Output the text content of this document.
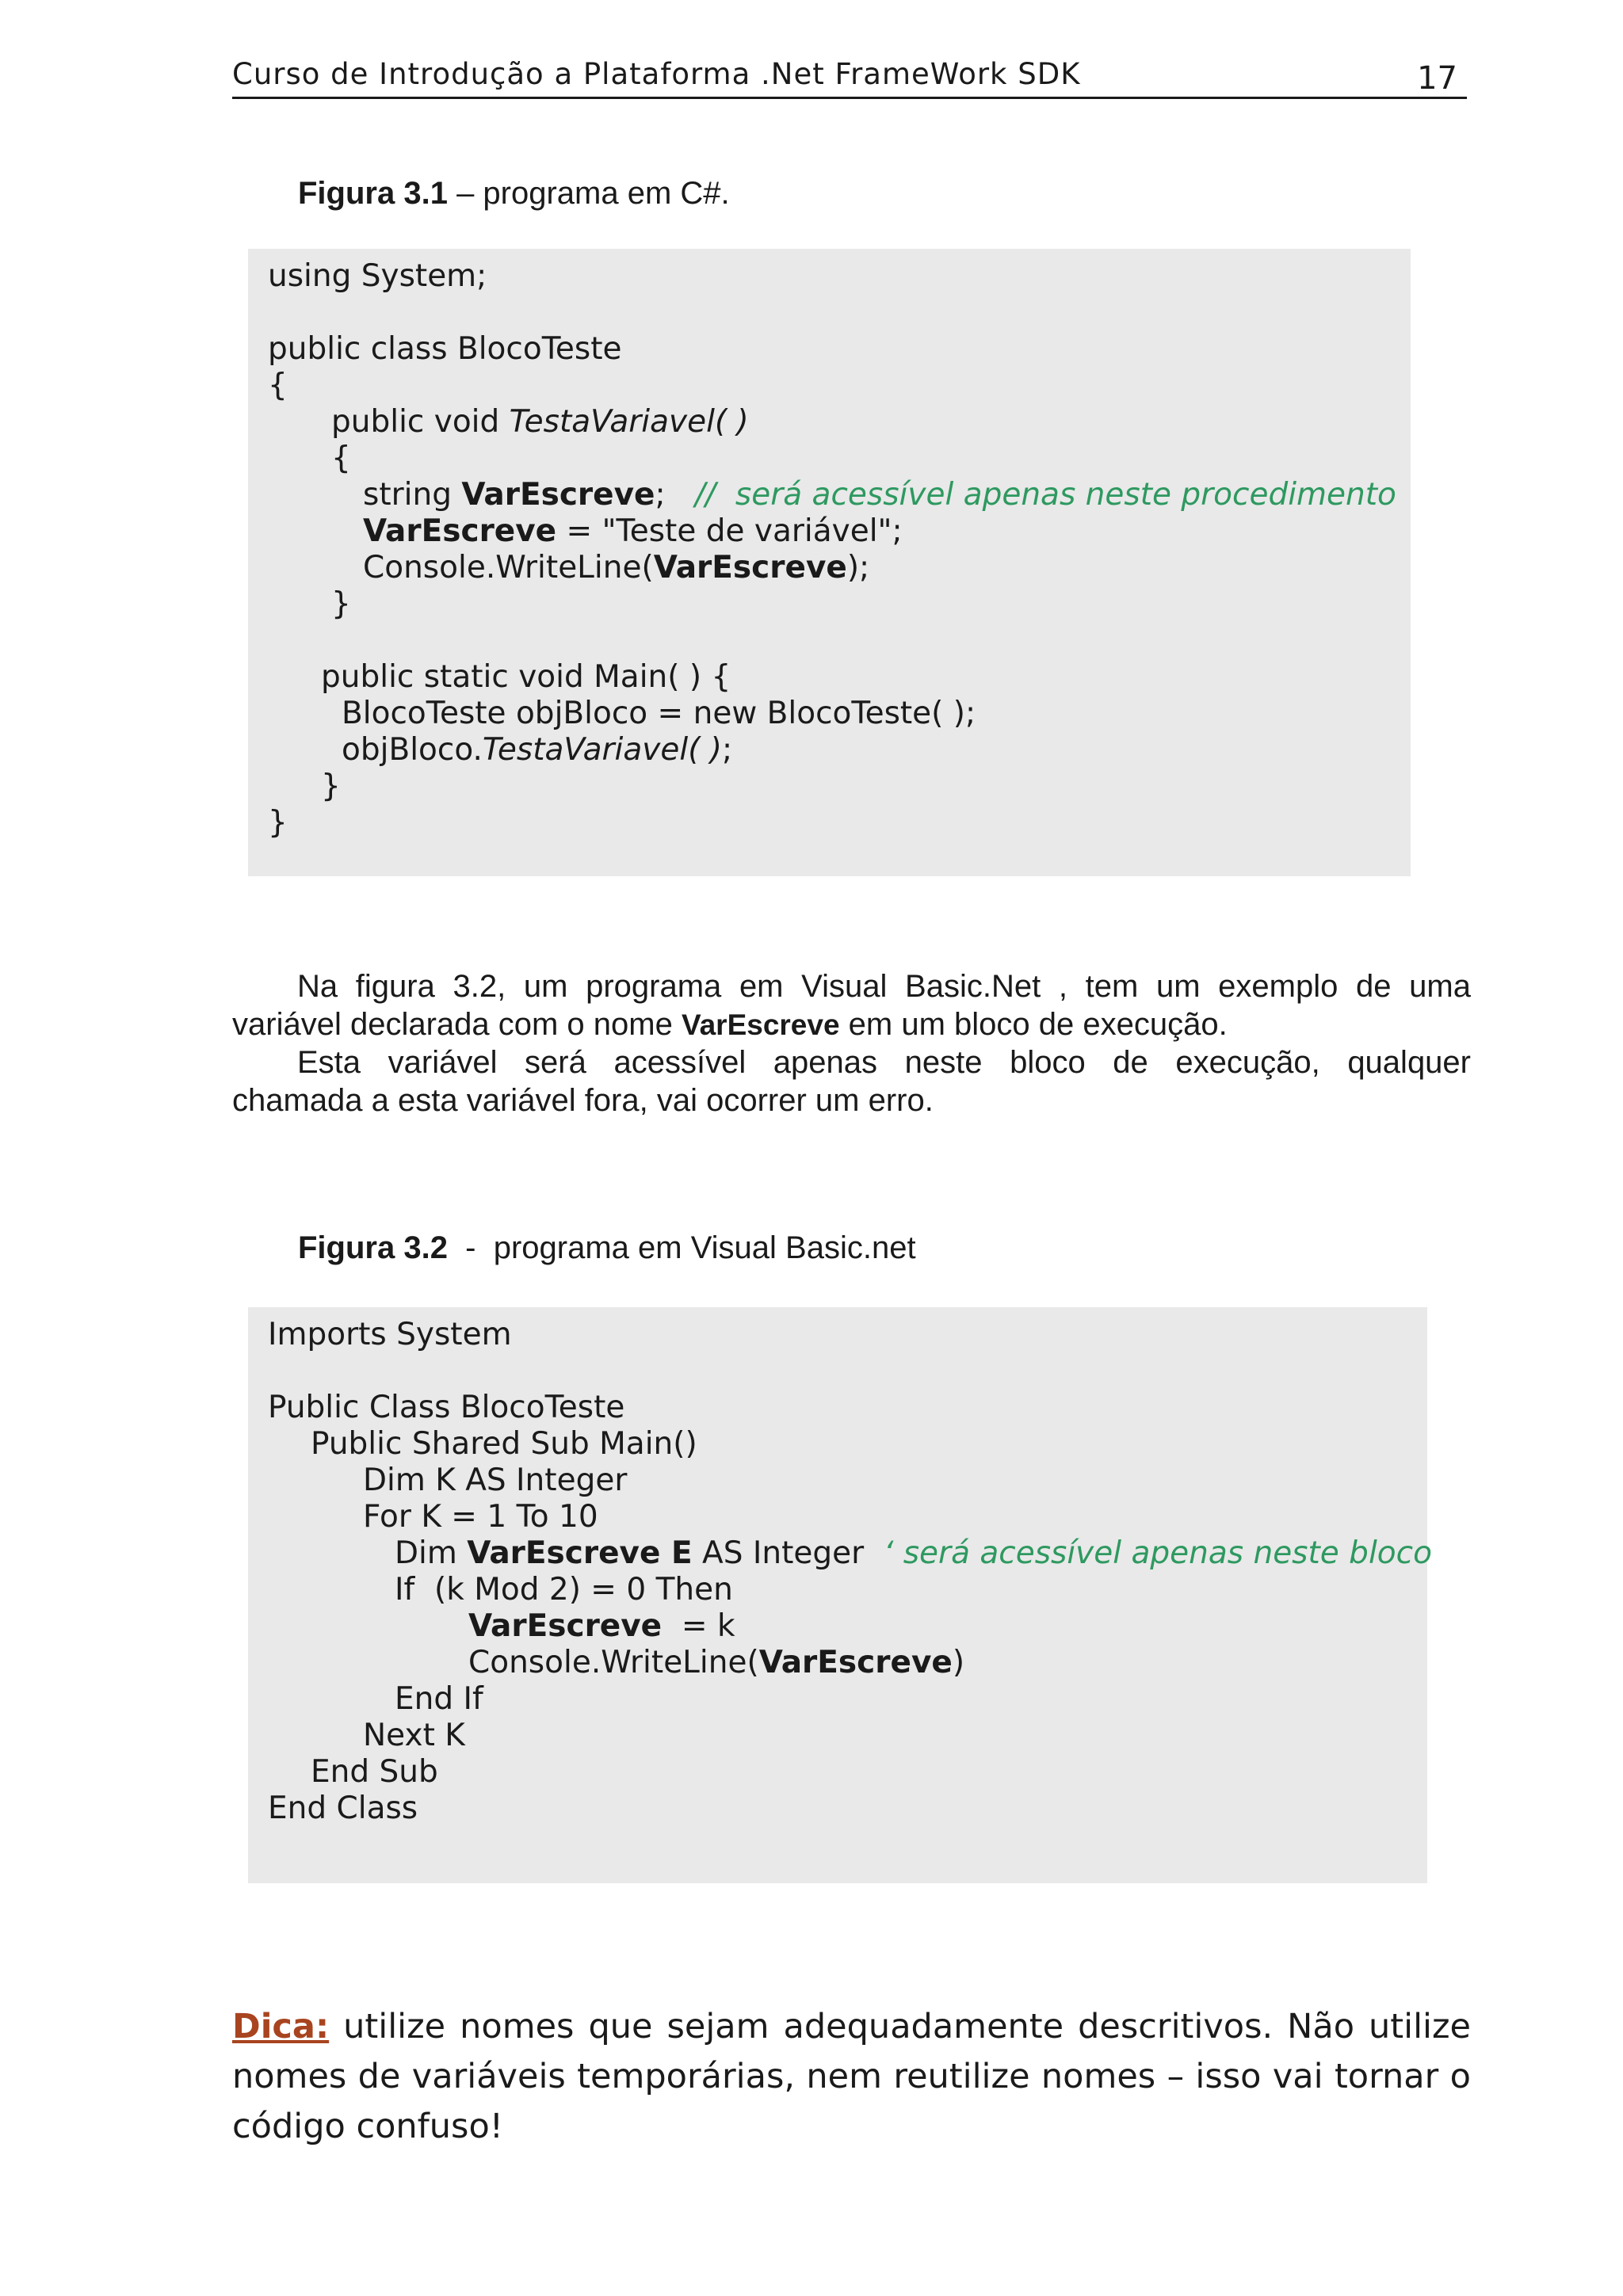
Curso de Introdução a Plataforma .Net FrameWork SDK	17
Figura 3.1 – programa em C#.
using System;
public class BlocoTeste
{
public void TestaVariavel( )
{
string VarEscreve;   //  será acessível apenas neste procedimento
VarEscreve = "Teste de variável";
Console.WriteLine(VarEscreve);
}
public static void Main( ) {
BlocoTeste objBloco = new BlocoTeste( );
objBloco.TestaVariavel( );
}
}
Na figura 3.2, um programa em Visual Basic.Net , tem um exemplo de uma
variável declarada com o nome VarEscreve em um bloco de execução.
Esta variável será acessível apenas neste bloco de execução, qualquer
chamada a esta variável fora, vai ocorrer um erro.
Figura 3.2  -  programa em Visual Basic.net
Imports System
Public Class BlocoTeste
Public Shared Sub Main()
Dim K AS Integer
For K = 1 To 10
Dim VarEscreve E AS Integer  ‘ será acessível apenas neste bloco
If  (k Mod 2) = 0 Then
VarEscreve  = k
Console.WriteLine(VarEscreve)
End If
Next K
End Sub
End Class
Dica: utilize nomes que sejam adequadamente descritivos. Não utilize
nomes de variáveis temporárias, nem reutilize nomes – isso vai tornar o
código confuso!
